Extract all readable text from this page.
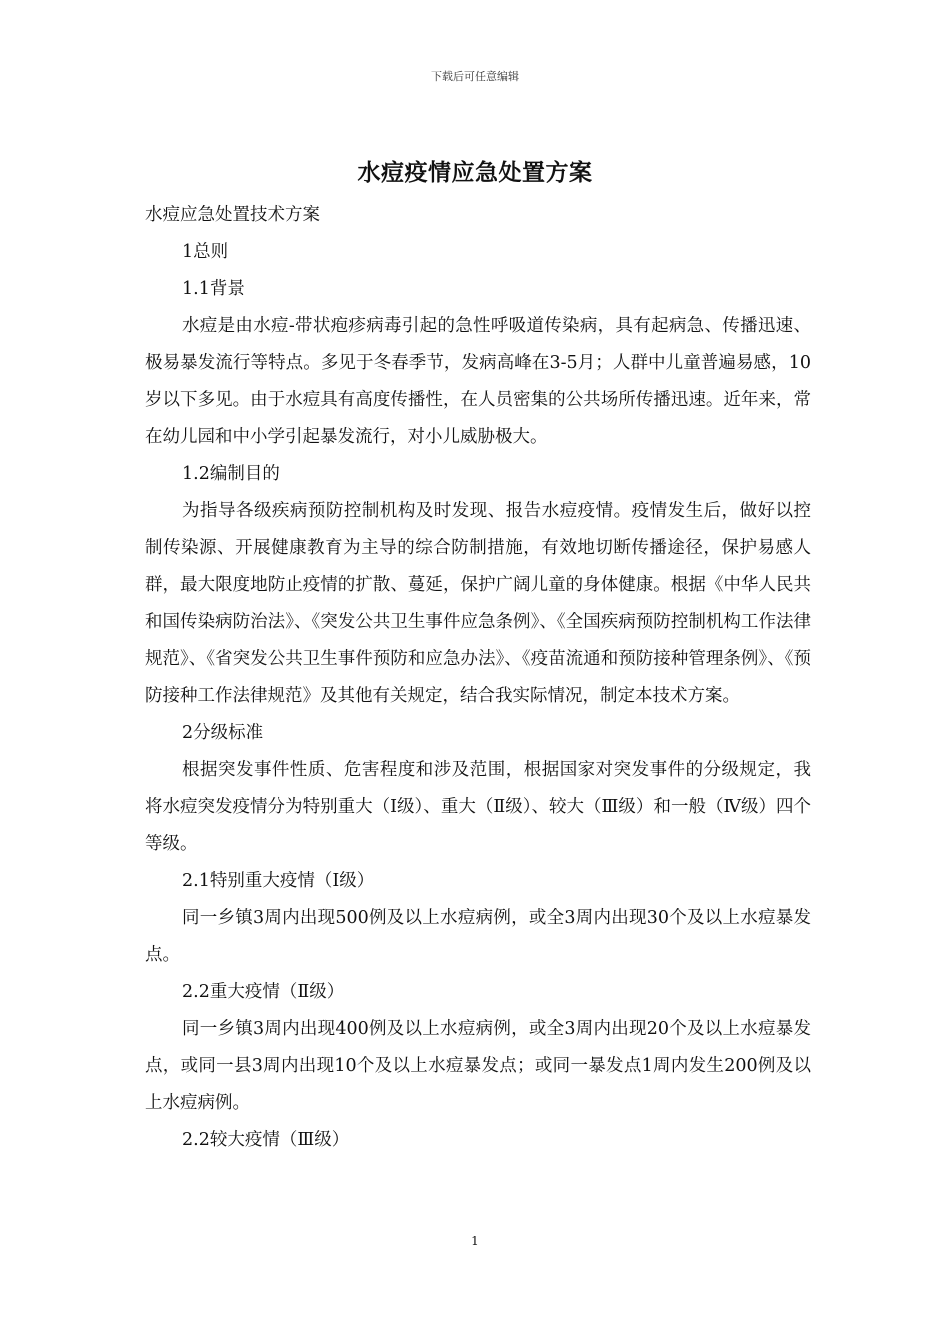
下载后可任意编辑
水痘疫情应急处置方案

水痘应急处置技术方案

1总则

1.1背景

水痘是由水痘-带状疱疹病毒引起的急性呼吸道传染病，具有起病急、传播迅速、极易暴发流行等特点。多见于冬春季节，发病高峰在3-5月；人群中儿童普遍易感，10岁以下多见。由于水痘具有高度传播性，在人员密集的公共场所传播迅速。近年来，常在幼儿园和中小学引起暴发流行，对小儿威胁极大。

1.2编制目的

为指导各级疾病预防控制机构及时发现、报告水痘疫情。疫情发生后，做好以控制传染源、开展健康教育为主导的综合防制措施，有效地切断传播途径，保护易感人群，最大限度地防止疫情的扩散、蔓延，保护广阔儿童的身体健康。根据《中华人民共和国传染病防治法》、《突发公共卫生事件应急条例》、《全国疾病预防控制机构工作法律规范》、《省突发公共卫生事件预防和应急办法》、《疫苗流通和预防接种管理条例》、《预防接种工作法律规范》及其他有关规定，结合我实际情况，制定本技术方案。

2分级标准

根据突发事件性质、危害程度和涉及范围，根据国家对突发事件的分级规定，我将水痘突发疫情分为特别重大（Ⅰ级）、重大（Ⅱ级）、较大（Ⅲ级）和一般（Ⅳ级）四个等级。

2.1特别重大疫情（Ⅰ级）

同一乡镇3周内出现500例及以上水痘病例，或全3周内出现30个及以上水痘暴发点。

2.2重大疫情（Ⅱ级）

同一乡镇3周内出现400例及以上水痘病例，或全3周内出现20个及以上水痘暴发点，或同一县3周内出现10个及以上水痘暴发点；或同一暴发点1周内发生200例及以上水痘病例。

2.2较大疫情（Ⅲ级）

1
